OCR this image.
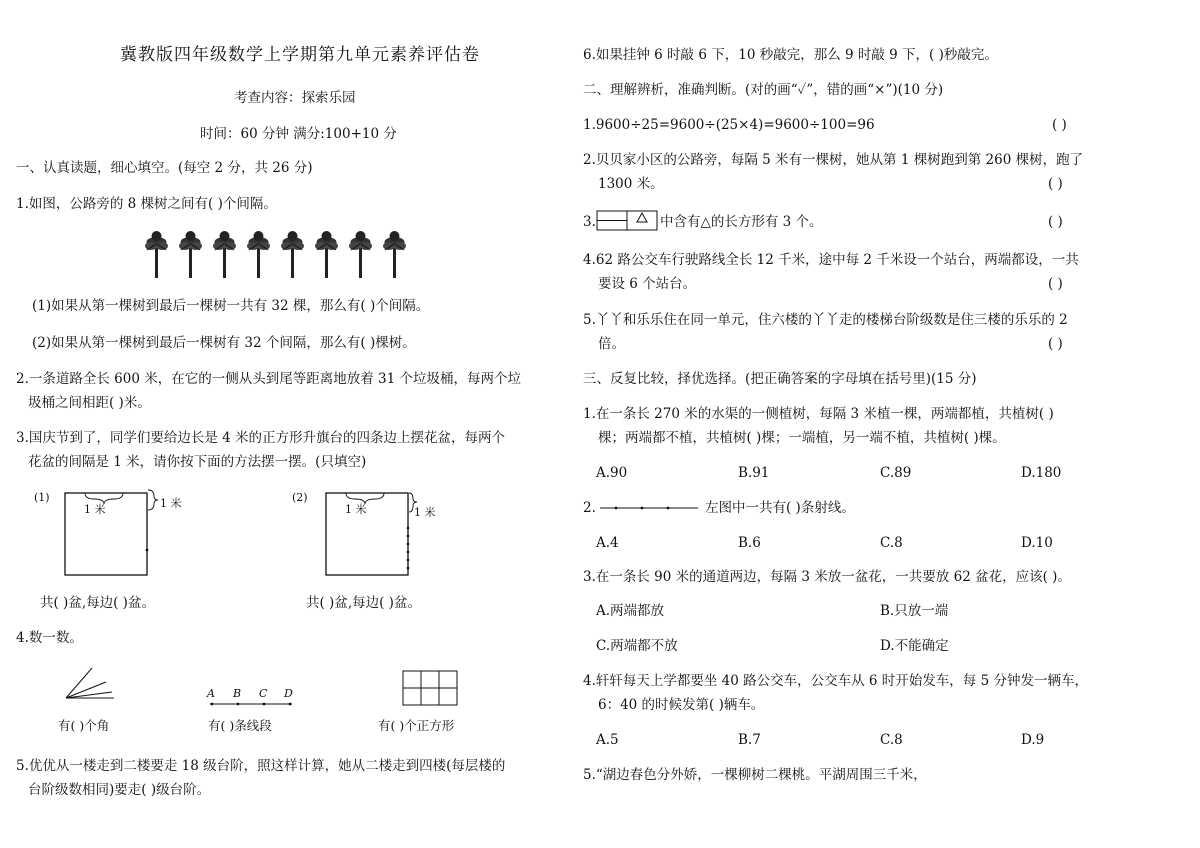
冀教版四年级数学上学期第九单元素养评估卷
考查内容：探索乐园
时间：60 分钟 满分:100+10 分
一、认真读题，细心填空。(每空 2 分，共 26 分)
1.如图，公路旁的 8 棵树之间有( )个间隔。
(1)如果从第一棵树到最后一棵树一共有 32 棵，那么有( )个间隔。
(2)如果从第一棵树到最后一棵树有 32 个间隔，那么有( )棵树。
2.一条道路全长 600 米，在它的一侧从头到尾等距离地放着 31 个垃圾桶，每两个垃
圾桶之间相距( )米。
3.国庆节到了，同学们要给边长是 4 米的正方形升旗台的四条边上摆花盆，每两个
花盆的间隔是 1 米，请你按下面的方法摆一摆。(只填空)
(1)
1 米	1 米	(2)
1 米	1 米
共( )盆,每边( )盆。	共( )盆,每边( )盆。
4.数一数。
有( )个角
A B C D
有( )条线段	有( )个正方形
5.优优从一楼走到二楼要走 18 级台阶，照这样计算，她从二楼走到四楼(每层楼的
台阶级数相同)要走( )级台阶。
6.如果挂钟 6 时敲 6 下，10 秒敲完，那么 9 时敲 9 下，( )秒敲完。
二、理解辨析，准确判断。(对的画“✓”，错的画“×”)(10 分)
1.9600÷25=9600÷(25×4)=9600÷100=96	( )
2.贝贝家小区的公路旁，每隔 5 米有一棵树，她从第 1 棵树跑到第 260 棵树，跑了
1300 米。	( )
3.	中含有△的长方形有 3 个。	( )
4.62 路公交车行驶路线全长 12 千米，途中每 2 千米设一个站台，两端都设，一共
要设 6 个站台。	( )
5.丫丫和乐乐住在同一单元，住六楼的丫丫走的楼梯台阶级数是住三楼的乐乐的 2
倍。	( )
三、反复比较，择优选择。(把正确答案的字母填在括号里)(15 分)
1.在一条长 270 米的水渠的一侧植树，每隔 3 米植一棵，两端都植，共植树( )
棵；两端都不植，共植树( )棵；一端植，另一端不植，共植树( )棵。
A.90	B.91	C.89	D.180
2.	左图中一共有( )条射线。
A.4	B.6	C.8	D.10
3.在一条长 90 米的通道两边，每隔 3 米放一盆花，一共要放 62 盆花，应该( )。
A.两端都放	B.只放一端
C.两端都不放	D.不能确定
4.轩轩每天上学都要坐 40 路公交车，公交车从 6 时开始发车，每 5 分钟发一辆车，
6：40 的时候发第( )辆车。
A.5	B.7	C.8	D.9
5.“湖边春色分外娇，一棵柳树二棵桃。平湖周围三千米，
